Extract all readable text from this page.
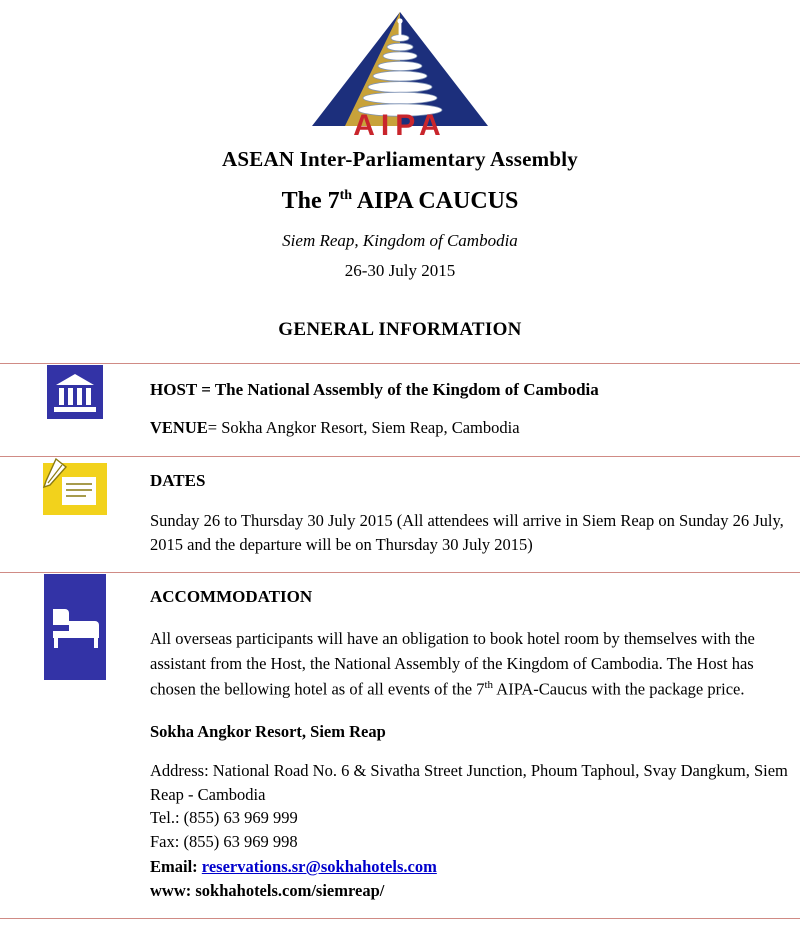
AIPA
ASEAN Inter-Parliamentary Assembly
The 7th AIPA CAUCUS
Siem Reap, Kingdom of Cambodia
26-30 July 2015
GENERAL INFORMATION

HOST = The National Assembly of the Kingdom of Cambodia
VENUE= Sokha Angkor Resort, Siem Reap, Cambodia

DATES
Sunday 26 to Thursday 30 July 2015 (All attendees will arrive in Siem Reap on Sunday 26 July, 2015 and the departure will be on Thursday 30 July 2015)

ACCOMMODATION
All overseas participants will have an obligation to book hotel room by themselves with the assistant from the Host, the National Assembly of the Kingdom of Cambodia. The Host has chosen the bellowing hotel as of all events of the 7th AIPA-Caucus with the package price.
Sokha Angkor Resort, Siem Reap
Address: National Road No. 6 & Sivatha Street Junction, Phoum Taphoul, Svay Dangkum, Siem Reap - Cambodia
Tel.: (855) 63 969 999
Fax: (855) 63 969 998
Email: reservations.sr@sokhahotels.com
www: sokhahotels.com/siemreap/
